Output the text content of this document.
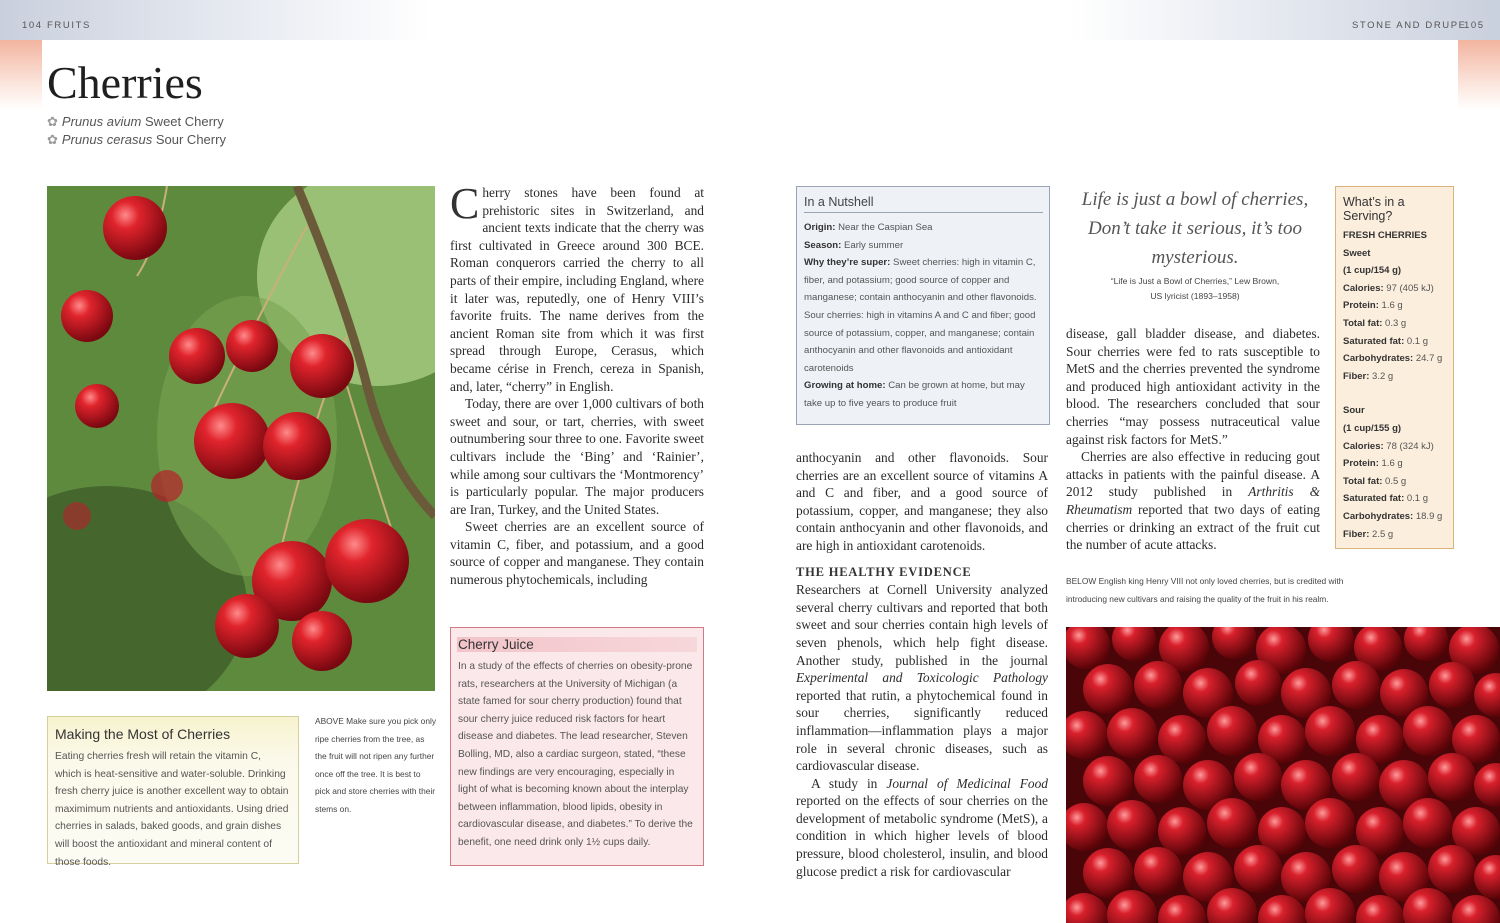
104 FRUITS	STONE AND DRUPE
105
Cherries
✿ Prunus avium Sweet Cherry
✿ Prunus cerasus Sour Cherry

Cherry stones have been found at prehistoric sites in Switzerland, and ancient texts indicate that the cherry was first cultivated in Greece around 300 BCE. Roman conquerors carried the cherry to all parts of their empire, including England, where it later was, reputedly, one of Henry VIII’s favorite fruits. The name derives from the ancient Roman site from which it was first spread through Europe, Cerasus, which became cérise in French, cereza in Spanish, and, later, “cherry” in English.

Today, there are over 1,000 cultivars of both sweet and sour, or tart, cherries, with sweet outnumbering sour three to one. Favorite sweet cultivars include the ‘Bing’ and ‘Rainier’, while among sour cultivars the ‘Montmorency’ is particularly popular. The major producers are Iran, Turkey, and the United States.

Sweet cherries are an excellent source of vitamin C, fiber, and potassium, and a good source of copper and manganese. They contain numerous phytochemicals, including

Making the Most of Cherries
Eating cherries fresh will retain the vitamin C, which is heat-sensitive and water-soluble. Drinking fresh cherry juice is another excellent way to obtain maximimum nutrients and antioxidants. Using dried cherries in salads, baked goods, and grain dishes will boost the antioxidant and mineral content of those foods.
ABOVE Make sure you pick only ripe cherries from the tree, as the fruit will not ripen any further once off the tree. It is best to pick and store cherries with their stems on.
Cherry Juice
In a study of the effects of cherries on obesity-prone rats, researchers at the University of Michigan (a state famed for sour cherry production) found that sour cherry juice reduced risk factors for heart disease and diabetes. The lead researcher, Steven Bolling, MD, also a cardiac surgeon, stated, “these new findings are very encouraging, especially in light of what is becoming known about the interplay between inflammation, blood lipids, obesity in cardiovascular disease, and diabetes.” To derive the benefit, one need drink only 1½ cups daily.
In a Nutshell
Origin: Near the Caspian Sea
Season: Early summer
Why they’re super: Sweet cherries: high in vitamin C, fiber, and potassium; good source of copper and manganese; contain anthocyanin and other flavonoids. Sour cherries: high in vitamins A and C and fiber; good source of potassium, copper, and manganese; contain anthocyanin and other flavonoids and antioxidant carotenoids
Growing at home: Can be grown at home, but may take up to five years to produce fruit

anthocyanin and other flavonoids. Sour cherries are an excellent source of vitamins A and C and fiber, and a good source of potassium, copper, and manganese; they also contain anthocyanin and other flavonoids, and are high in antioxidant carotenoids.

THE HEALTHY EVIDENCE

Researchers at Cornell University analyzed several cherry cultivars and reported that both sweet and sour cherries contain high levels of seven phenols, which help fight disease. Another study, published in the journal Experimental and Toxicologic Pathology reported that rutin, a phytochemical found in sour cherries, significantly reduced inflammation—inflammation plays a major role in several chronic diseases, such as cardiovascular disease.

A study in Journal of Medicinal Food reported on the effects of sour cherries on the development of metabolic syndrome (MetS), a condition in which higher levels of blood pressure, blood cholesterol, insulin, and blood glucose predict a risk for cardiovascular

Life is just a bowl of cherries, Don’t take it serious, it’s too mysterious.
“Life is Just a Bowl of Cherries,” Lew Brown,
US lyricist (1893–1958)

disease, gall bladder disease, and diabetes. Sour cherries were fed to rats susceptible to MetS and the cherries prevented the syndrome and produced high antioxidant activity in the blood. The researchers concluded that sour cherries “may possess nutraceutical value against risk factors for MetS.”

Cherries are also effective in reducing gout attacks in patients with the painful disease. A 2012 study published in Arthritis & Rheumatism reported that two days of eating cherries or drinking an extract of the fruit cut the number of acute attacks.

What’s in a Serving?
FRESH CHERRIES
Sweet
(1 cup/154 g)
Calories: 97 (405 kJ)
Protein: 1.6 g
Total fat: 0.3 g
Saturated fat: 0.1 g
Carbohydrates: 24.7 g
Fiber: 3.2 g
Sour
(1 cup/155 g)
Calories: 78 (324 kJ)
Protein: 1.6 g
Total fat: 0.5 g
Saturated fat: 0.1 g
Carbohydrates: 18.9 g
Fiber: 2.5 g
BELOW English king Henry VIII not only loved cherries, but is credited with introducing new cultivars and raising the quality of the fruit in his realm.
